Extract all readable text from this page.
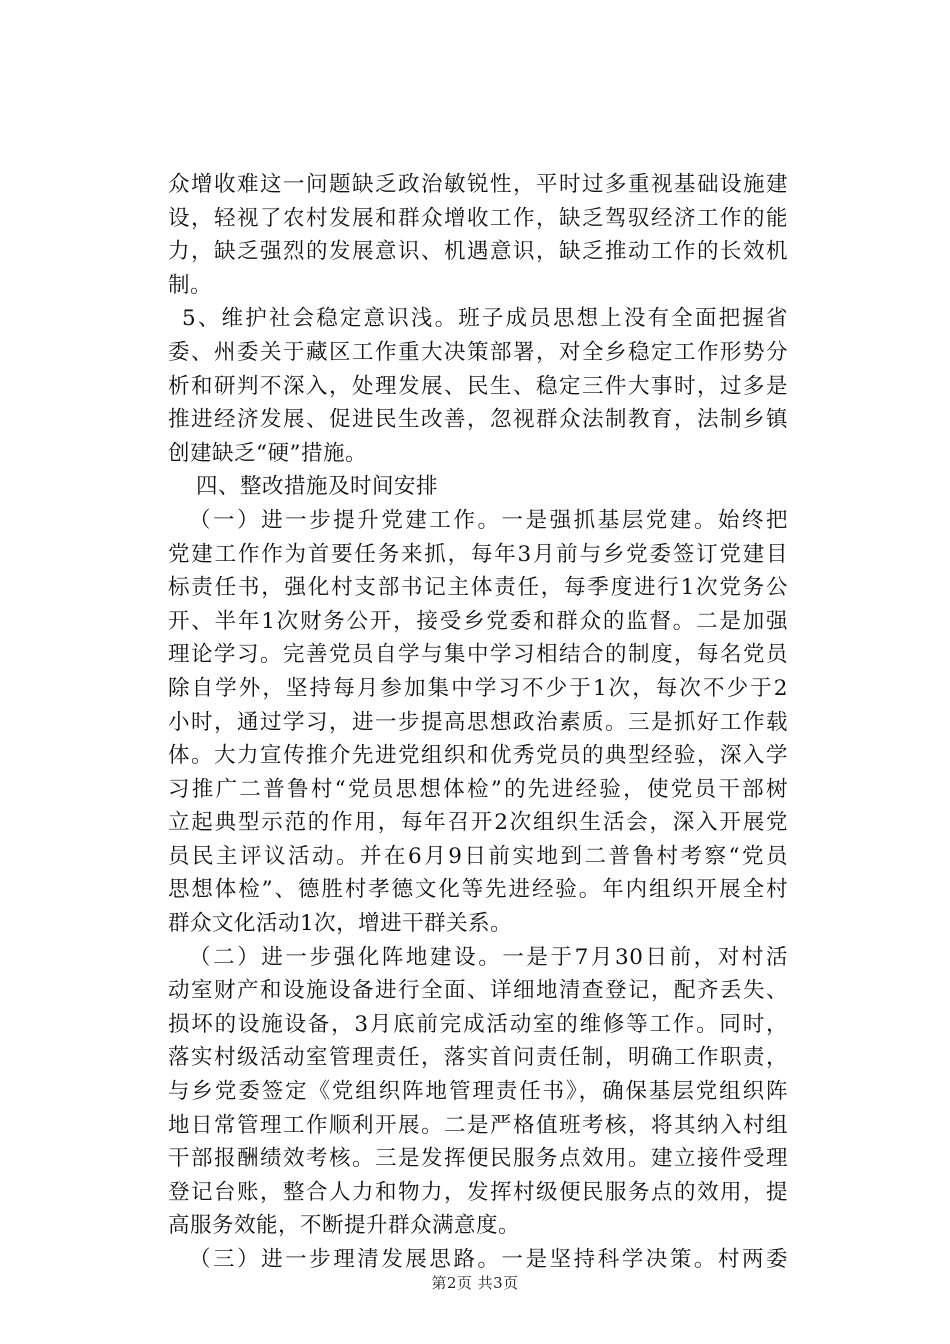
众增收难这一问题缺乏政治敏锐性，平时过多重视基础设施建
设，轻视了农村发展和群众增收工作，缺乏驾驭经济工作的能
力，缺乏强烈的发展意识、机遇意识，缺乏推动工作的长效机
制。
5、维护社会稳定意识浅。班子成员思想上没有全面把握省
委、州委关于藏区工作重大决策部署，对全乡稳定工作形势分
析和研判不深入，处理发展、民生、稳定三件大事时，过多是
推进经济发展、促进民生改善，忽视群众法制教育，法制乡镇
创建缺乏“硬”措施。
四、整改措施及时间安排
（一）进一步提升党建工作。一是强抓基层党建。始终把
党建工作作为首要任务来抓，每年3月前与乡党委签订党建目
标责任书，强化村支部书记主体责任，每季度进行1次党务公
开、半年1次财务公开，接受乡党委和群众的监督。二是加强
理论学习。完善党员自学与集中学习相结合的制度，每名党员
除自学外，坚持每月参加集中学习不少于1次，每次不少于2
小时，通过学习，进一步提高思想政治素质。三是抓好工作载
体。大力宣传推介先进党组织和优秀党员的典型经验，深入学
习推广二普鲁村“党员思想体检”的先进经验，使党员干部树
立起典型示范的作用，每年召开2次组织生活会，深入开展党
员民主评议活动。并在6月9日前实地到二普鲁村考察“党员
思想体检”、德胜村孝德文化等先进经验。年内组织开展全村
群众文化活动1次，增进干群关系。
（二）进一步强化阵地建设。一是于7月30日前，对村活
动室财产和设施设备进行全面、详细地清查登记，配齐丢失、
损坏的设施设备，3月底前完成活动室的维修等工作。同时，
落实村级活动室管理责任，落实首问责任制，明确工作职责，
与乡党委签定《党组织阵地管理责任书》，确保基层党组织阵
地日常管理工作顺利开展。二是严格值班考核，将其纳入村组
干部报酬绩效考核。三是发挥便民服务点效用。建立接件受理
登记台账，整合人力和物力，发挥村级便民服务点的效用，提
高服务效能，不断提升群众满意度。
（三）进一步理清发展思路。一是坚持科学决策。村两委
第2页 共3页
